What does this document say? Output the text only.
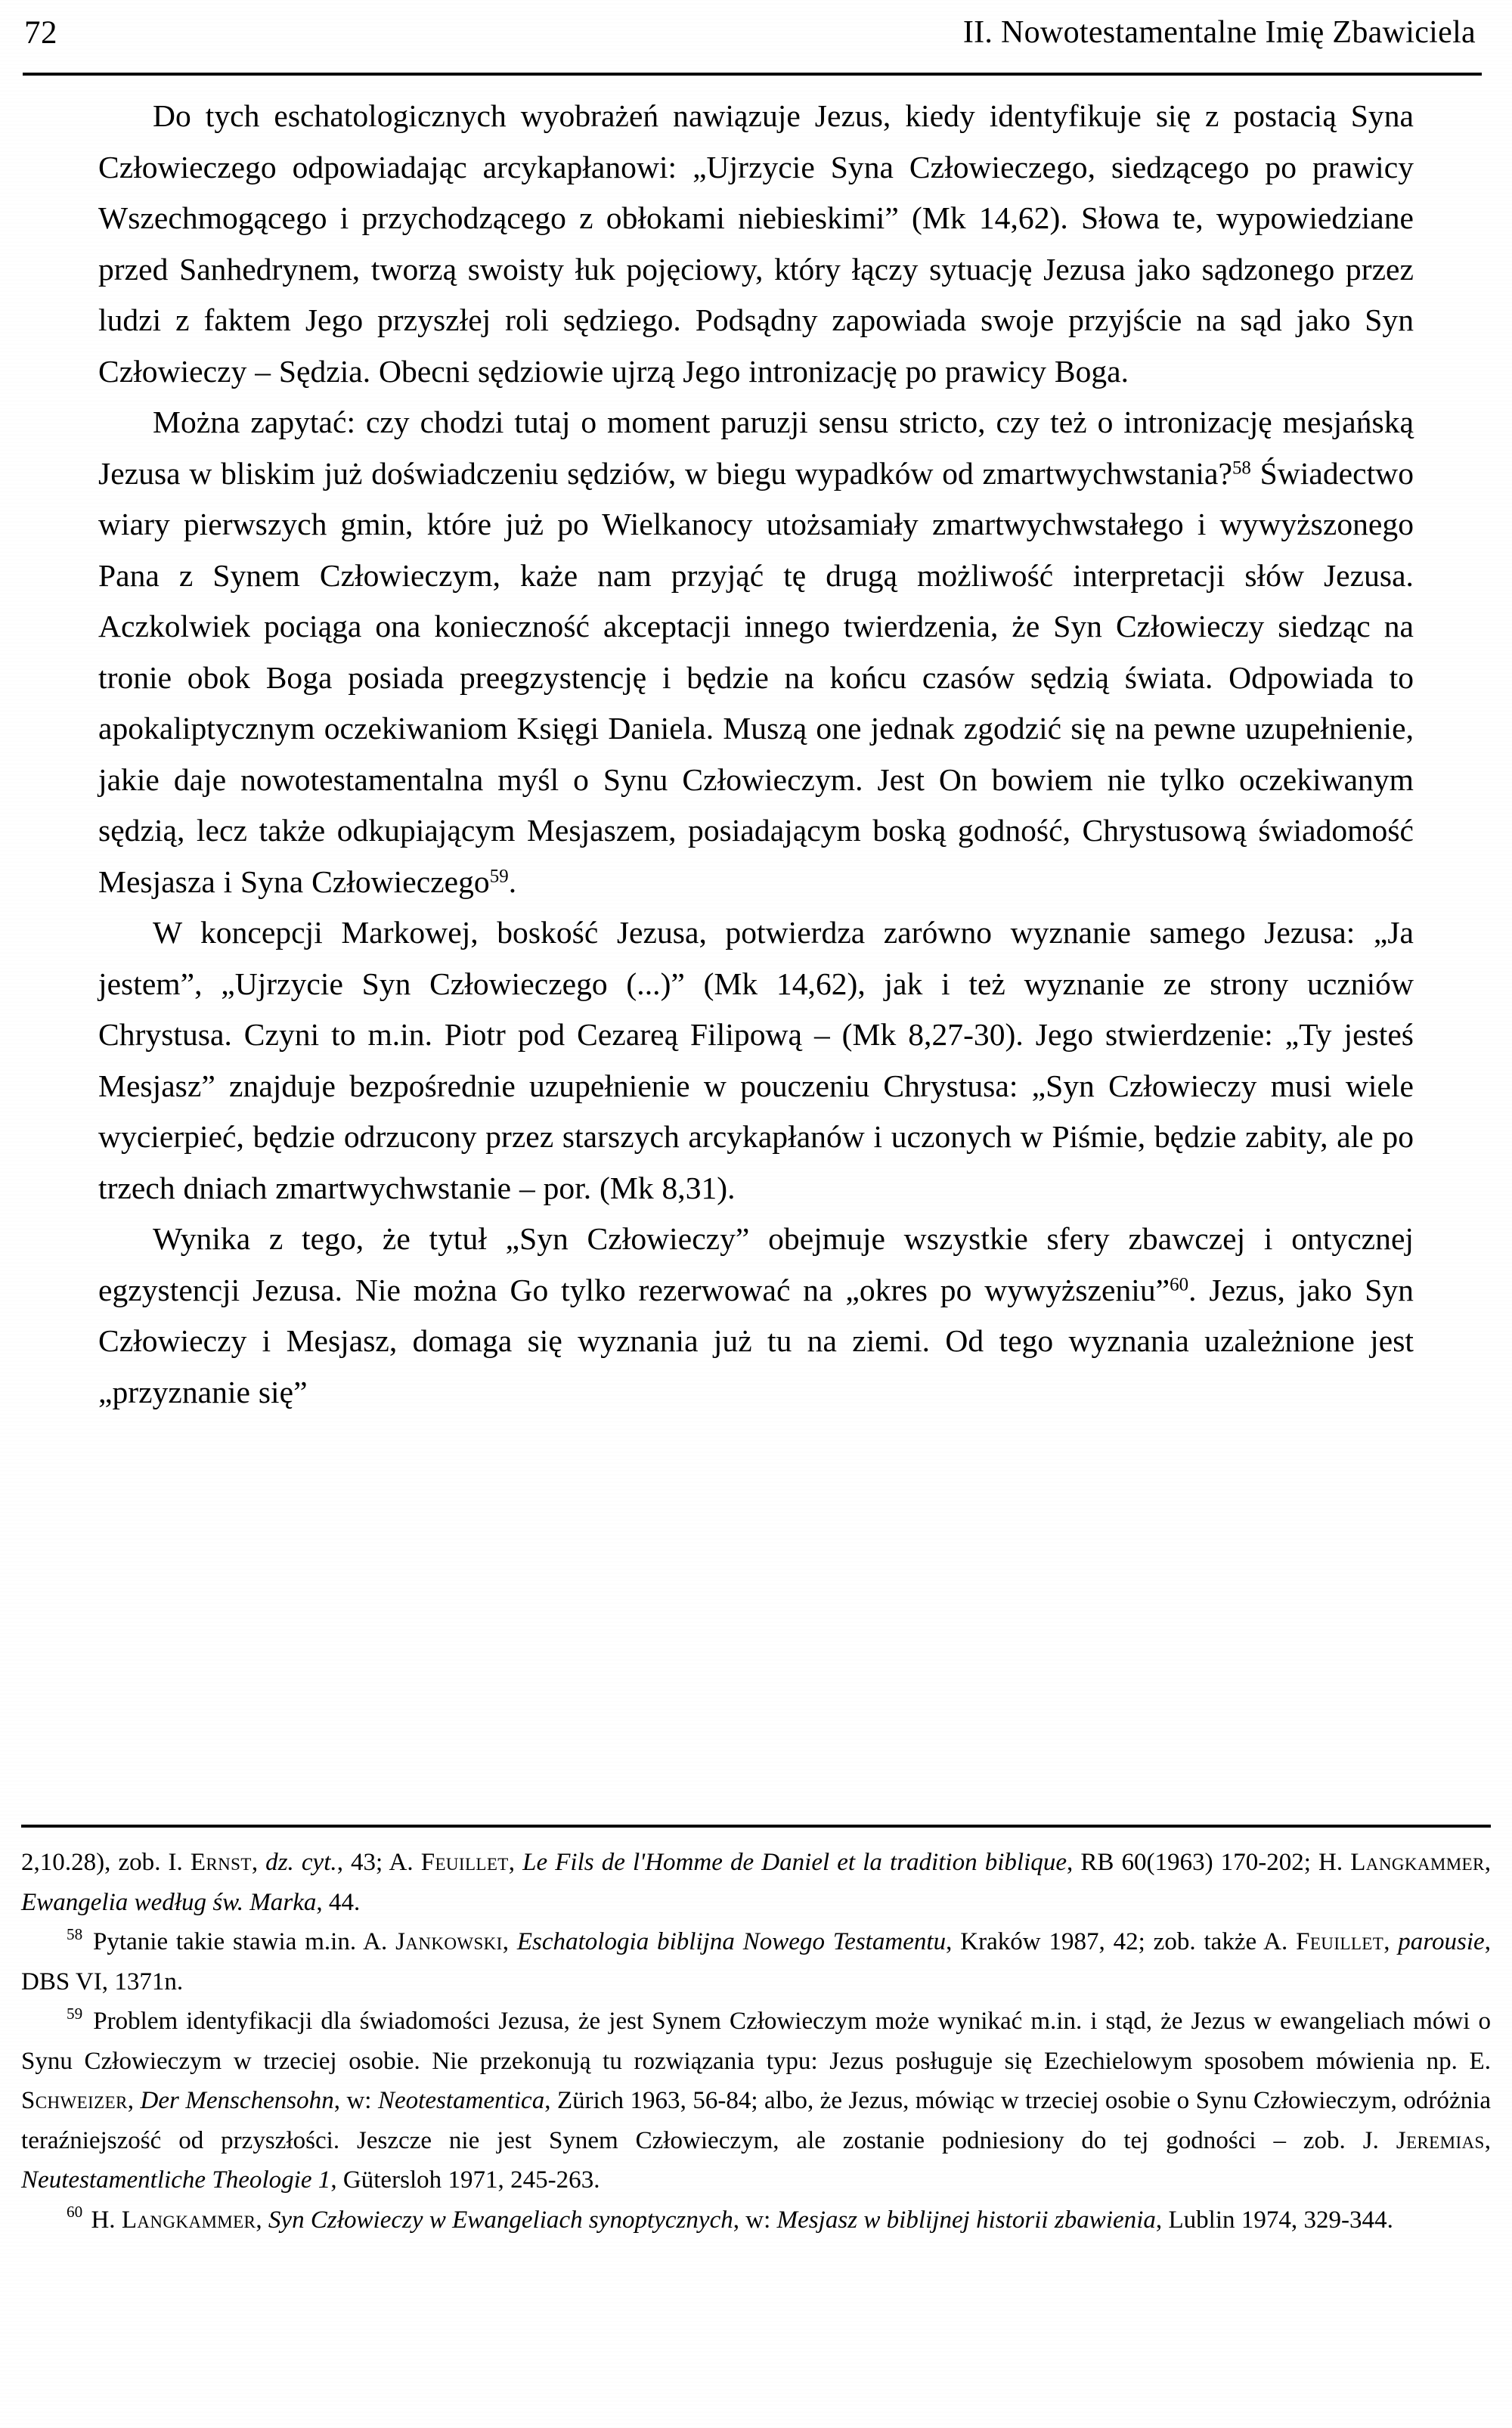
72	II. Nowotestamentalne Imię Zbawiciela

Do tych eschatologicznych wyobrażeń nawiązuje Jezus, kiedy identyfikuje się z postacią Syna Człowieczego odpowiadając arcykapłanowi: „Ujrzycie Syna Człowieczego, siedzącego po prawicy Wszechmogącego i przychodzącego z obłokami niebieskimi” (Mk 14,62). Słowa te, wypowiedziane przed Sanhedrynem, tworzą swoisty łuk pojęciowy, który łączy sytuację Jezusa jako sądzonego przez ludzi z faktem Jego przyszłej roli sędziego. Podsądny zapowiada swoje przyjście na sąd jako Syn Człowieczy – Sędzia. Obecni sędziowie ujrzą Jego intronizację po prawicy Boga.

Można zapytać: czy chodzi tutaj o moment paruzji sensu stricto, czy też o intronizację mesjańską Jezusa w bliskim już doświadczeniu sędziów, w biegu wypadków od zmartwychwstania?$^{58}$ Świadectwo wiary pierwszych gmin, które już po Wielkanocy utożsamiały zmartwychwstałego i wywyższonego Pana z Synem Człowieczym, każe nam przyjąć tę drugą możliwość interpretacji słów Jezusa. Aczkolwiek pociąga ona konieczność akceptacji innego twierdzenia, że Syn Człowieczy siedząc na tronie obok Boga posiada preegzystencję i będzie na końcu czasów sędzią świata. Odpowiada to apokaliptycznym oczekiwaniom Księgi Daniela. Muszą one jednak zgodzić się na pewne uzupełnienie, jakie daje nowotestamentalna myśl o Synu Człowieczym. Jest On bowiem nie tylko oczekiwanym sędzią, lecz także odkupiającym Mesjaszem, posiadającym boską godność, Chrystusową świadomość Mesjasza i Syna Człowieczego$^{59}$.

W koncepcji Markowej, boskość Jezusa, potwierdza zarówno wyznanie samego Jezusa: „Ja jestem”, „Ujrzycie Syn Człowieczego (...)” (Mk 14,62), jak i też wyznanie ze strony uczniów Chrystusa. Czyni to m.in. Piotr pod Cezareą Filipową – (Mk 8,27-30). Jego stwierdzenie: „Ty jesteś Mesjasz” znajduje bezpośrednie uzupełnienie w pouczeniu Chrystusa: „Syn Człowieczy musi wiele wycierpieć, będzie odrzucony przez starszych arcykapłanów i uczonych w Piśmie, będzie zabity, ale po trzech dniach zmartwychwstanie – por. (Mk 8,31).

Wynika z tego, że tytuł „Syn Człowieczy” obejmuje wszystkie sfery zbawczej i ontycznej egzystencji Jezusa. Nie można Go tylko rezerwować na „okres po wywyższeniu”$^{60}$. Jezus, jako Syn Człowieczy i Mesjasz, domaga się wyznania już tu na ziemi. Od tego wyznania uzależnione jest „przyznanie się”

2,10.28), zob. I. Ernst, dz. cyt., 43; A. Feuillet, Le Fils de l'Homme de Daniel et la tradition biblique, RB 60(1963) 170-202; H. Langkammer, Ewangelia według św. Marka, 44.

$^{58}$ Pytanie takie stawia m.in. A. Jankowski, Eschatologia biblijna Nowego Testamentu, Kraków 1987, 42; zob. także A. Feuillet, parousie, DBS VI, 1371n.

$^{59}$ Problem identyfikacji dla świadomości Jezusa, że jest Synem Człowieczym może wynikać m.in. i stąd, że Jezus w ewangeliach mówi o Synu Człowieczym w trzeciej osobie. Nie przekonują tu rozwiązania typu: Jezus posługuje się Ezechielowym sposobem mówienia np. E. Schweizer, Der Menschensohn, w: Neotestamentica, Zürich 1963, 56-84; albo, że Jezus, mówiąc w trzeciej osobie o Synu Człowieczym, odróżnia teraźniejszość od przyszłości. Jeszcze nie jest Synem Człowieczym, ale zostanie podniesiony do tej godności – zob. J. Jeremias, Neutestamentliche Theologie 1, Gütersloh 1971, 245-263.

$^{60}$ H. Langkammer, Syn Człowieczy w Ewangeliach synoptycznych, w: Mesjasz w biblijnej historii zbawienia, Lublin 1974, 329-344.
